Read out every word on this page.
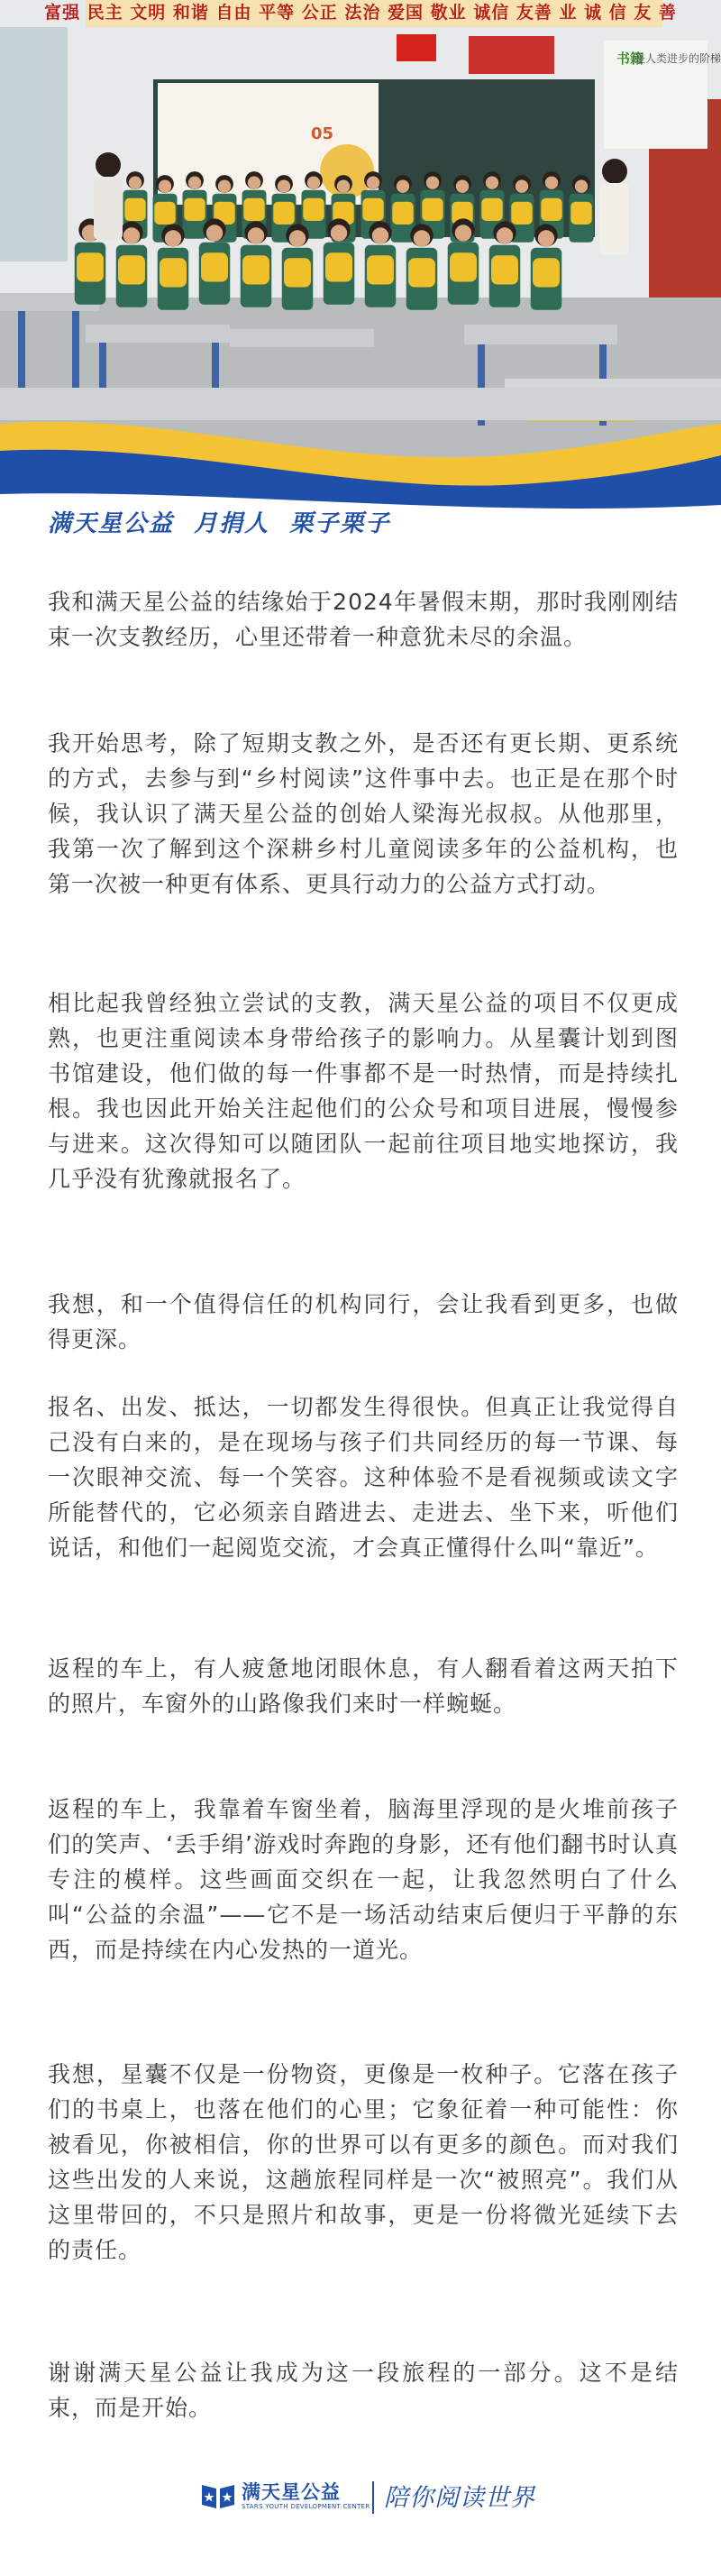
富强 民主 文明 和谐 自由 平等 公正 法治 爱国 敬业 诚信 友善 业 诚 信 友 善
05
书籍
是人类进步的阶梯
满天星公益  月捐人  栗子栗子

我和满天星公益的结缘始于2024年暑假末期，那时我刚刚结束一次支教经历，心里还带着一种意犹未尽的余温。

我开始思考，除了短期支教之外，是否还有更长期、更系统的方式，去参与到“乡村阅读”这件事中去。也正是在那个时候，我认识了满天星公益的创始人梁海光叔叔。从他那里，我第一次了解到这个深耕乡村儿童阅读多年的公益机构，也第一次被一种更有体系、更具行动力的公益方式打动。

相比起我曾经独立尝试的支教，满天星公益的项目不仅更成熟，也更注重阅读本身带给孩子的影响力。从星囊计划到图书馆建设，他们做的每一件事都不是一时热情，而是持续扎根。我也因此开始关注起他们的公众号和项目进展，慢慢参与进来。这次得知可以随团队一起前往项目地实地探访，我几乎没有犹豫就报名了。

我想，和一个值得信任的机构同行，会让我看到更多，也做得更深。

报名、出发、抵达，一切都发生得很快。但真正让我觉得自己没有白来的，是在现场与孩子们共同经历的每一节课、每一次眼神交流、每一个笑容。这种体验不是看视频或读文字所能替代的，它必须亲自踏进去、走进去、坐下来，听他们说话，和他们一起阅览交流，才会真正懂得什么叫“靠近”。

返程的车上，有人疲惫地闭眼休息，有人翻看着这两天拍下的照片，车窗外的山路像我们来时一样蜿蜒。

返程的车上，我靠着车窗坐着，脑海里浮现的是火堆前孩子们的笑声、‘丢手绢’游戏时奔跑的身影，还有他们翻书时认真专注的模样。这些画面交织在一起，让我忽然明白了什么叫“公益的余温”——它不是一场活动结束后便归于平静的东西，而是持续在内心发热的一道光。

我想，星囊不仅是一份物资，更像是一枚种子。它落在孩子们的书桌上，也落在他们的心里；它象征着一种可能性：你被看见，你被相信，你的世界可以有更多的颜色。而对我们这些出发的人来说，这趟旅程同样是一次“被照亮”。我们从这里带回的，不只是照片和故事，更是一份将微光延续下去的责任。

谢谢满天星公益让我成为这一段旅程的一部分。这不是结束，而是开始。

满天星公益
STARS YOUTH DEVELOPMENT CENTER 陪你阅读世界
